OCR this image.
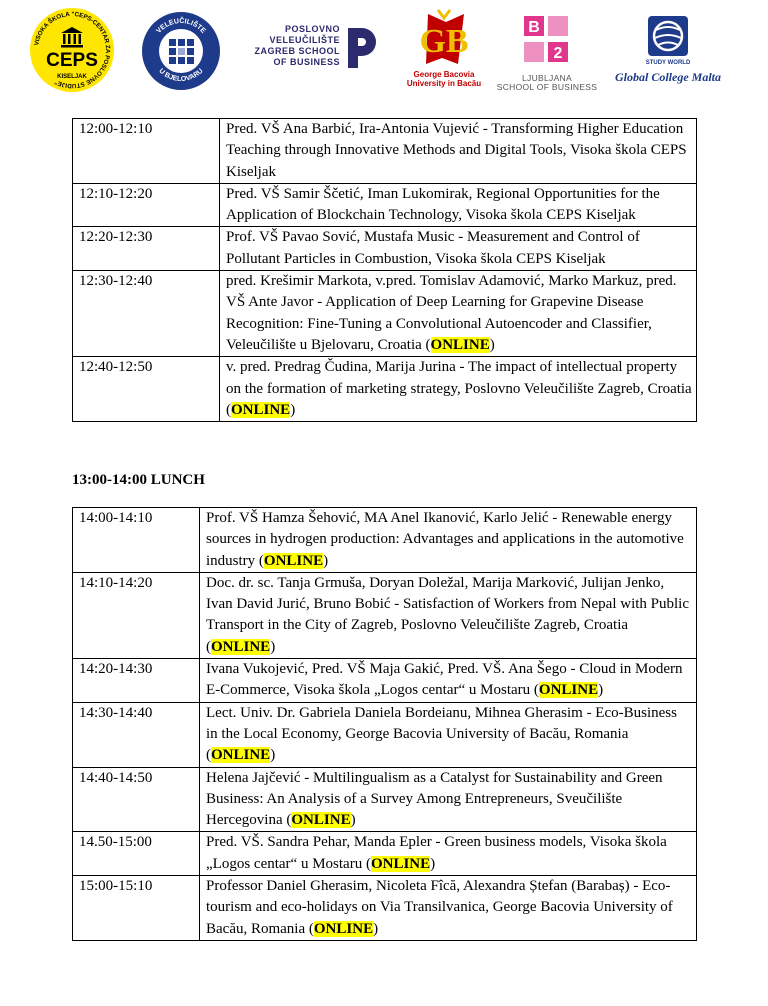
VISOKA ŠKOLA "CEPS-CENTAR ZA POSLOVNE STUDIJE"
CEPS
KISELJAK
VELEUČILIŠTE
U BJELOVARU
POSLOVNO
VELEUČILIŠTE
ZAGREB SCHOOL
OF BUSINESS
GB
George Bacovia
University in Bacău
B
2
LJUBLJANA
SCHOOL OF BUSINESS
STUDY WORLD
Global College Malta
12:00-12:10	Pred. VŠ Ana Barbić, Ira-Antonia Vujević - Transforming Higher Education Teaching through Innovative Methods and Digital Tools, Visoka škola CEPS Kiseljak
12:10-12:20	Pred. VŠ Samir Ščetić, Iman Lukomirak, Regional Opportunities for the Application of Blockchain Technology, Visoka škola CEPS Kiseljak
12:20-12:30	Prof. VŠ Pavao Sović, Mustafa Music - Measurement and Control of Pollutant Particles in Combustion, Visoka škola CEPS Kiseljak
12:30-12:40	pred. Krešimir Markota, v.pred. Tomislav Adamović, Marko Markuz, pred. VŠ Ante Javor - Application of Deep Learning for Grapevine Disease Recognition: Fine-Tuning a Convolutional Autoencoder and Classifier, Veleučilište u Bjelovaru, Croatia (ONLINE)
12:40-12:50	v. pred. Predrag Čudina, Marija Jurina - The impact of intellectual property on the formation of marketing strategy, Poslovno Veleučilište Zagreb, Croatia (ONLINE)
13:00-14:00 LUNCH
14:00-14:10	Prof. VŠ Hamza Šehović, MA Anel Ikanović, Karlo Jelić - Renewable energy sources in hydrogen production: Advantages and applications in the automotive industry (ONLINE)
14:10-14:20	Doc. dr. sc. Tanja Grmuša, Doryan Doležal, Marija Marković, Julijan Jenko, Ivan David Jurić, Bruno Bobić - Satisfaction of Workers from Nepal with Public Transport in the City of Zagreb, Poslovno Veleučilište Zagreb, Croatia (ONLINE)
14:20-14:30	Ivana Vukojević, Pred. VŠ Maja Gakić, Pred. VŠ. Ana Šego - Cloud in Modern E-Commerce, Visoka škola „Logos centar“ u Mostaru (ONLINE)
14:30-14:40	Lect. Univ. Dr. Gabriela Daniela Bordeianu, Mihnea Gherasim - Eco-Business in the Local Economy, George Bacovia University of Bacău, Romania (ONLINE)
14:40-14:50	Helena Jajčević - Multilingualism as a Catalyst for Sustainability and Green Business: An Analysis of a Survey Among Entrepreneurs, Sveučilište Hercegovina (ONLINE)
14.50-15:00	Pred. VŠ. Sandra Pehar, Manda Epler - Green business models, Visoka škola „Logos centar“ u Mostaru (ONLINE)
15:00-15:10	Professor Daniel Gherasim, Nicoleta Fîcă, Alexandra Ștefan (Barabaș) - Eco-tourism and eco-holidays on Via Transilvanica, George Bacovia University of Bacău, Romania (ONLINE)
